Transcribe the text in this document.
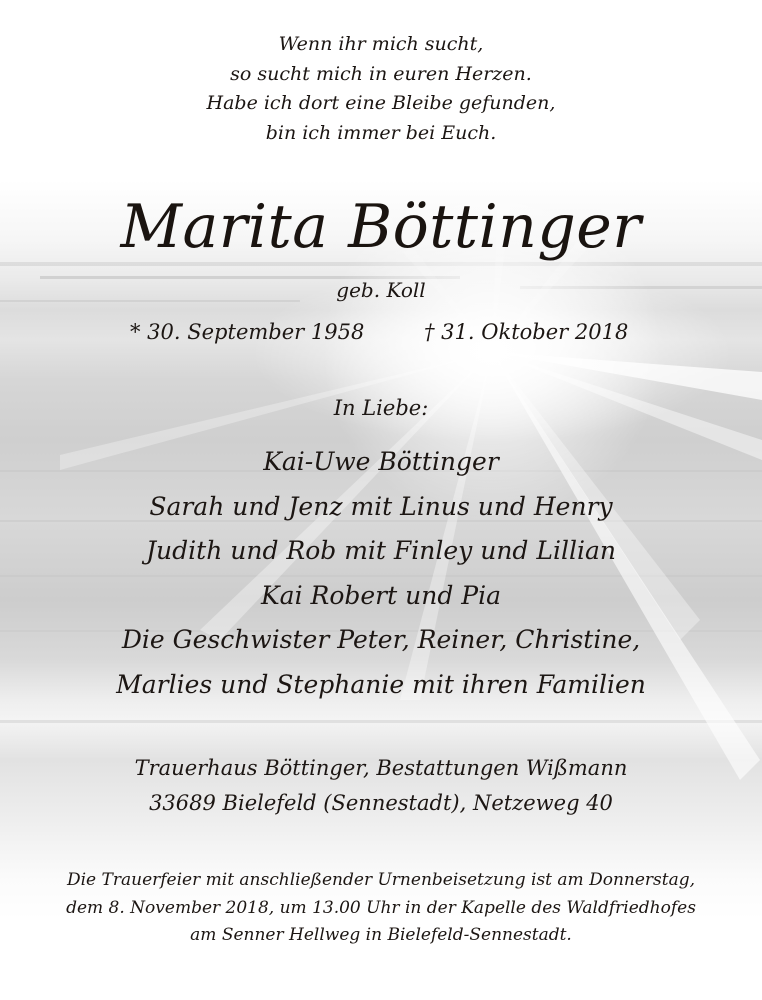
Wenn ihr mich sucht,
so sucht mich in euren Herzen.
Habe ich dort eine Bleibe gefunden,
bin ich immer bei Euch.
Marita Böttinger
geb. Koll
* 30. September 1958	† 31. Oktober 2018
In Liebe:
Kai-Uwe Böttinger
Sarah und Jenz mit Linus und Henry
Judith und Rob mit Finley und Lillian
Kai Robert und Pia
Die Geschwister Peter, Reiner, Christine,
Marlies und Stephanie mit ihren Familien
Trauerhaus Böttinger, Bestattungen Wißmann
33689 Bielefeld (Sennestadt), Netzeweg 40
Die Trauerfeier mit anschließender Urnenbeisetzung ist am Donnerstag,
dem 8. November 2018, um 13.00 Uhr in der Kapelle des Waldfriedhofes
am Senner Hellweg in Bielefeld-Sennestadt.
